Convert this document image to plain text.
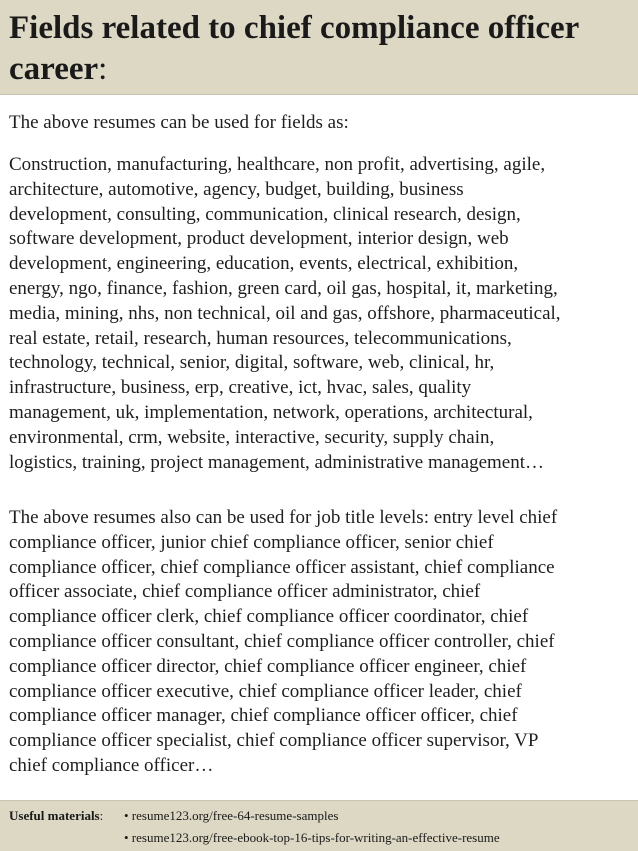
Fields related to chief compliance officer career:

The above resumes can be used for fields as:

Construction, manufacturing, healthcare, non profit, advertising, agile,
architecture, automotive, agency, budget, building, business
development, consulting, communication, clinical research, design,
software development, product development, interior design, web
development, engineering, education, events, electrical, exhibition,
energy, ngo, finance, fashion, green card, oil gas, hospital, it, marketing,
media, mining, nhs, non technical, oil and gas, offshore, pharmaceutical,
real estate, retail, research, human resources, telecommunications,
technology, technical, senior, digital, software, web, clinical, hr,
infrastructure, business, erp, creative, ict, hvac, sales, quality
management, uk, implementation, network, operations, architectural,
environmental, crm, website, interactive, security, supply chain,
logistics, training, project management, administrative management…
The above resumes also can be used for job title levels: entry level chief
compliance officer, junior chief compliance officer, senior chief
compliance officer, chief compliance officer assistant, chief compliance
officer associate, chief compliance officer administrator, chief
compliance officer clerk, chief compliance officer coordinator, chief
compliance officer consultant, chief compliance officer controller, chief
compliance officer director, chief compliance officer engineer, chief
compliance officer executive, chief compliance officer leader, chief
compliance officer manager, chief compliance officer officer, chief
compliance officer specialist, chief compliance officer supervisor, VP
chief compliance officer…
Useful materials: • resume123.org/free-64-resume-samples
• resume123.org/free-ebook-top-16-tips-for-writing-an-effective-resume
